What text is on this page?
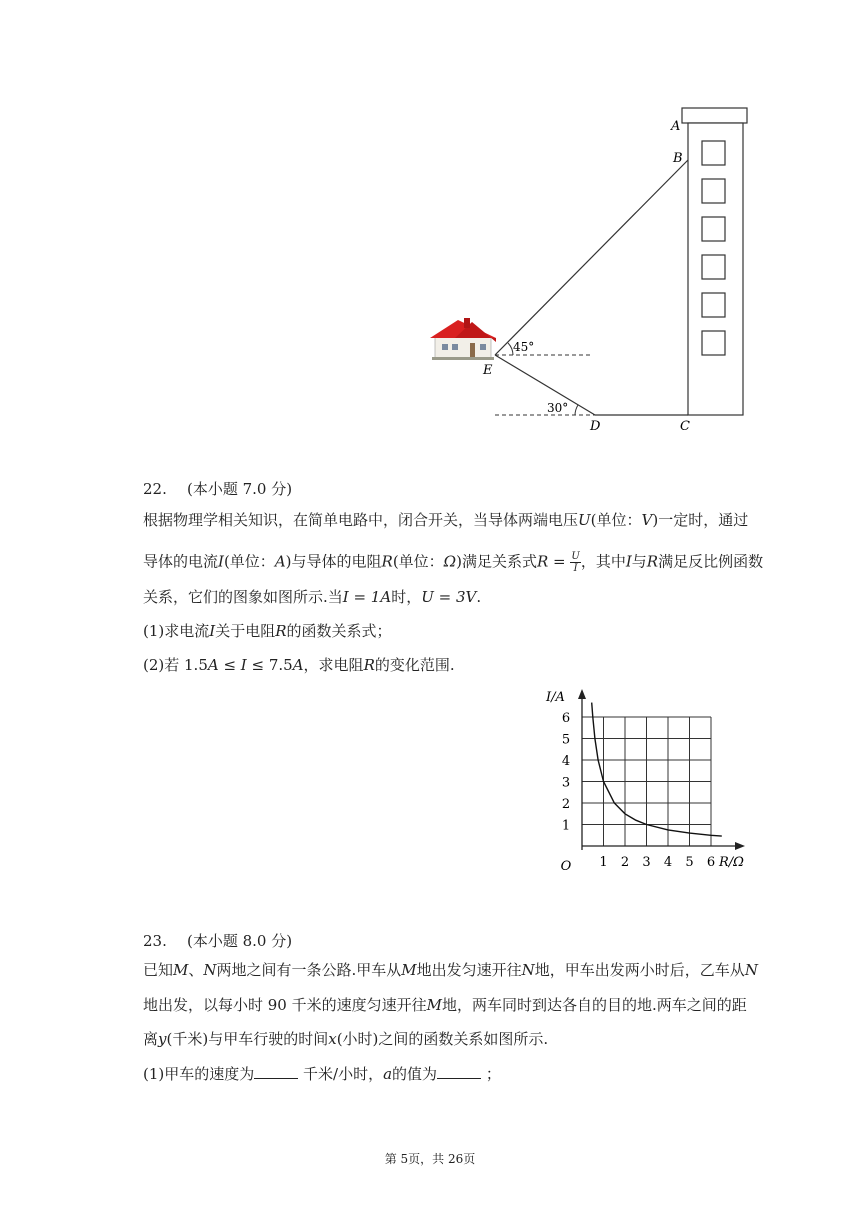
A
B
C
D
E
45°
30°
22. (本小题 7.0 分)
根据物理学相关知识，在简单电路中，闭合开关，当导体两端电压U(单位：V)一定时，通过
导体的电流I(单位：A)与导体的电阻R(单位：Ω)满足关系式$R = \frac{U}{I}$ ，其中I与R满足反比例函数
关系，它们的图象如图所示.当I = 1A时，U = 3V.
(1)求电流I关于电阻R的函数关系式；
(2)若 1.5A ≤ I ≤ 7.5A，求电阻R的变化范围.
1 2 3 4 5 6
1
2
3
4
5
6
O	R/Ω
I/A
23. (本小题 8.0 分)
已知M、N两地之间有一条公路.甲车从M地出发匀速开往N地，甲车出发两小时后，乙车从N
地出发，以每小时 90 千米的速度匀速开往M地，两车同时到达各自的目的地.两车之间的距
离y(千米)与甲车行驶的时间x(小时)之间的函数关系如图所示.
(1)甲车的速度为	千米/小时，a的值为	；
第 5页，共 26页
